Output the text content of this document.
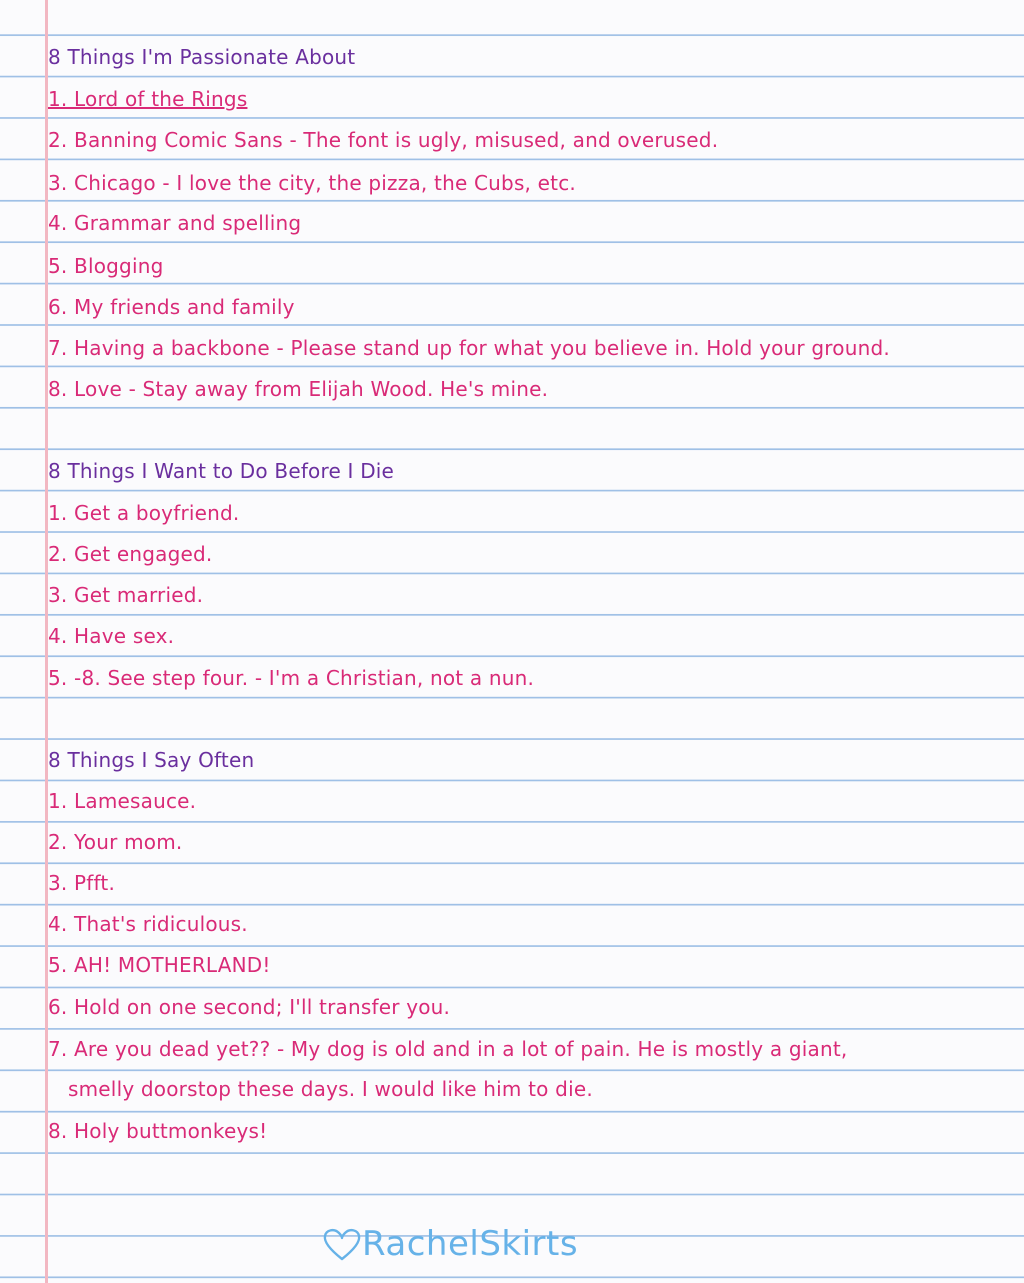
8 Things I'm Passionate About
1. Lord of the Rings
2. Banning Comic Sans - The font is ugly, misused, and overused.
3. Chicago - I love the city, the pizza, the Cubs, etc.
4. Grammar and spelling
5. Blogging
6. My friends and family
7. Having a backbone - Please stand up for what you believe in. Hold your ground.
8. Love - Stay away from Elijah Wood. He's mine.
8 Things I Want to Do Before I Die
1. Get a boyfriend.
2. Get engaged.
3. Get married.
4. Have sex.
5. -8. See step four. - I'm a Christian, not a nun.
8 Things I Say Often
1. Lamesauce.
2. Your mom.
3. Pfft.
4. That's ridiculous.
5. AH! MOTHERLAND!
6. Hold on one second; I'll transfer you.
7. Are you dead yet?? - My dog is old and in a lot of pain. He is mostly a giant,
smelly doorstop these days. I would like him to die.
8. Holy buttmonkeys!
RachelSkirts
